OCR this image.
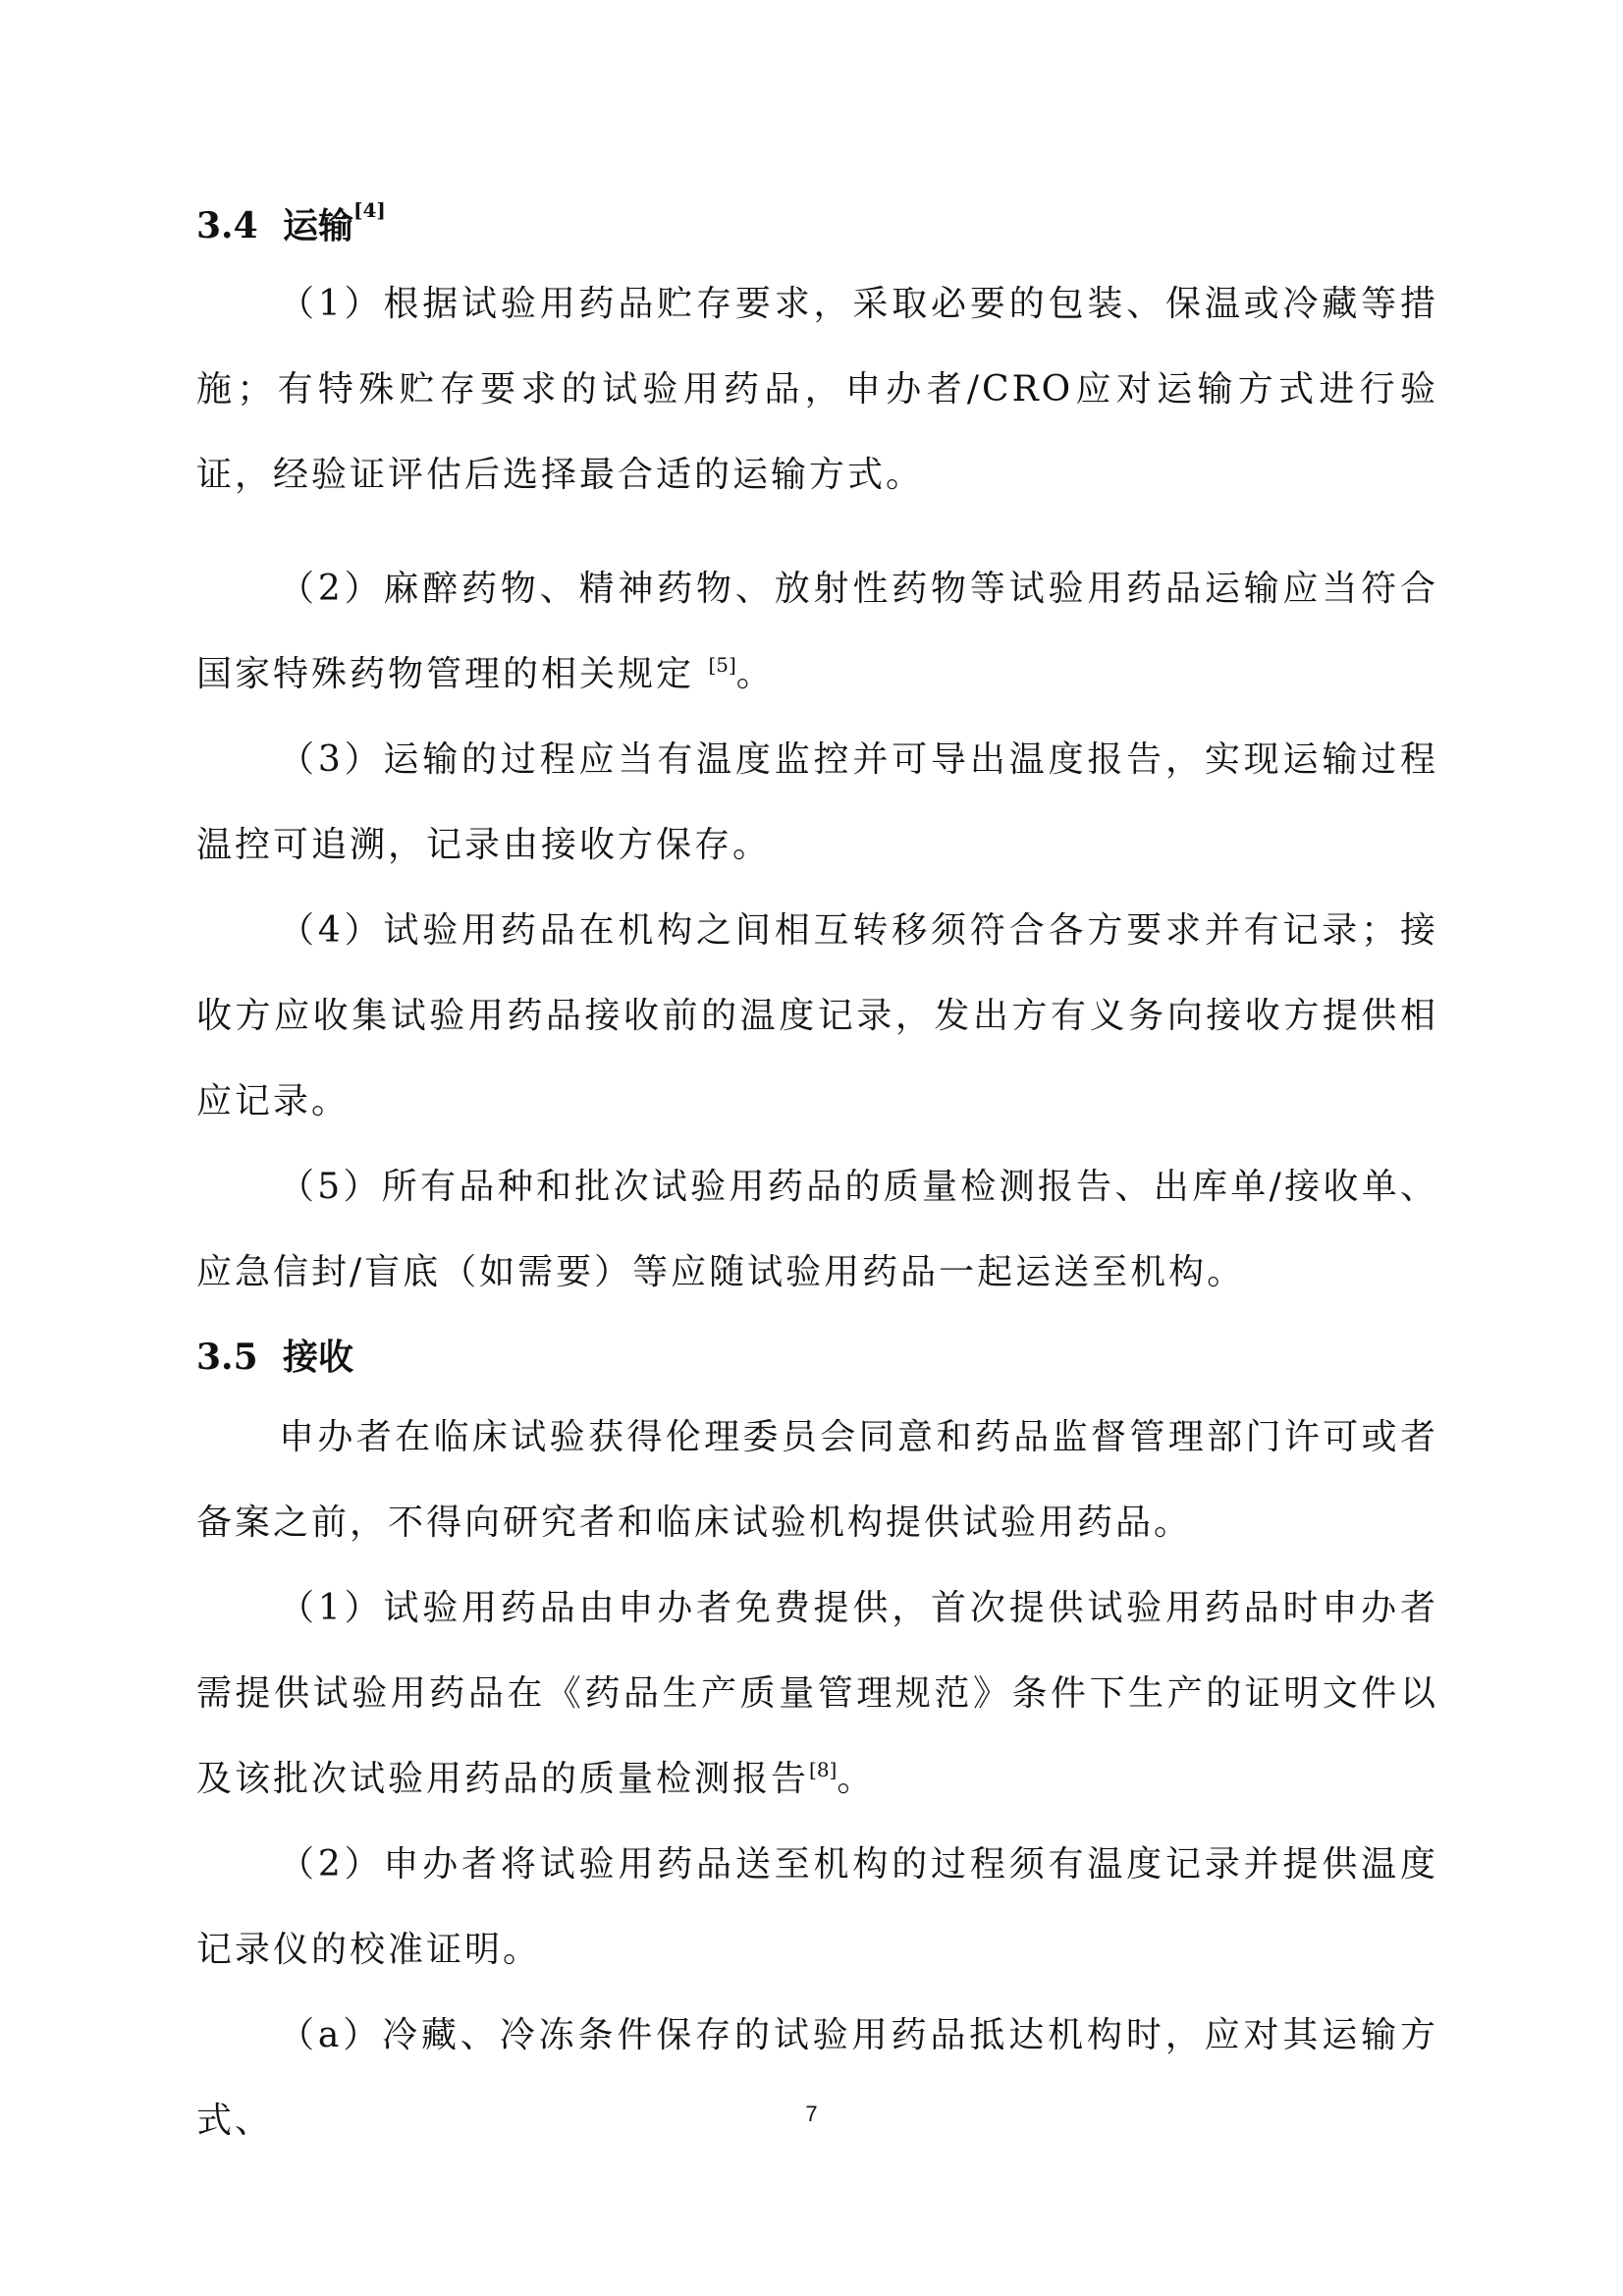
3.4 运输[4]

（1）根据试验用药品贮存要求，采取必要的包装、保温或冷藏等措施；有特殊贮存要求的试验用药品，申办者/CRO应对运输方式进行验证，经验证评估后选择最合适的运输方式。

（2）麻醉药物、精神药物、放射性药物等试验用药品运输应当符合国家特殊药物管理的相关规定 [5]。

（3）运输的过程应当有温度监控并可导出温度报告，实现运输过程温控可追溯，记录由接收方保存。

（4）试验用药品在机构之间相互转移须符合各方要求并有记录；接收方应收集试验用药品接收前的温度记录，发出方有义务向接收方提供相应记录。

（5）所有品种和批次试验用药品的质量检测报告、出库单/接收单、应急信封/盲底（如需要）等应随试验用药品一起运送至机构。

3.5 接收

申办者在临床试验获得伦理委员会同意和药品监督管理部门许可或者备案之前，不得向研究者和临床试验机构提供试验用药品。

（1）试验用药品由申办者免费提供，首次提供试验用药品时申办者需提供试验用药品在《药品生产质量管理规范》条件下生产的证明文件以及该批次试验用药品的质量检测报告[8]。

（2）申办者将试验用药品送至机构的过程须有温度记录并提供温度记录仪的校准证明。

（a）冷藏、冷冻条件保存的试验用药品抵达机构时，应对其运输方式、	7
